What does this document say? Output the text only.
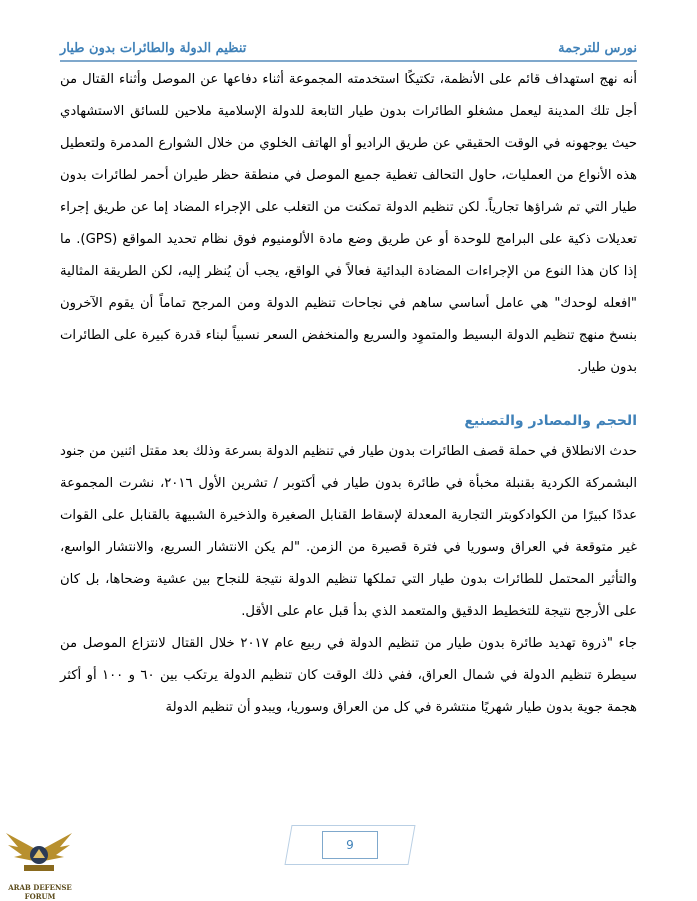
نورس للترجمة
تنظيم الدولة والطائرات بدون طيار

أنه نهج استهداف قائم على الأنظمة، تكتيكًا استخدمته المجموعة أثناء دفاعها عن الموصل وأثناء القتال من أجل تلك المدينة ليعمل مشغلو الطائرات بدون طيار التابعة للدولة الإسلامية ملاحين للسائق الاستشهادي حيث يوجهونه في الوقت الحقيقي عن طريق الراديو أو الهاتف الخلوي من خلال الشوارع المدمرة ولتعطيل هذه الأنواع من العمليات، حاول التحالف تغطية جميع الموصل في منطقة حظر طيران أحمر لطائرات بدون طيار التي تم شراؤها تجارياً. لكن تنظيم الدولة تمكنت من التغلب على الإجراء المضاد إما عن طريق إجراء تعديلات ذكية على البرامج للوحدة أو عن طريق وضع مادة الألومنيوم فوق نظام تحديد المواقع (GPS). ما إذا كان هذا النوع من الإجراءات المضادة البدائية فعالاً في الواقع، يجب أن يُنظر إليه، لكن الطريقة المثالية "افعله لوحدك" هي عامل أساسي ساهم في نجاحات تنظيم الدولة ومن المرجح تماماً أن يقوم الآخرون بنسخ منهج تنظيم الدولة البسيط والمتموِد والسريع والمنخفض السعر نسبياً لبناء قدرة كبيرة على الطائرات بدون طيار.

الحجم والمصادر والتصنيع

حدث الانطلاق في حملة قصف الطائرات بدون طيار في تنظيم الدولة بسرعة وذلك بعد مقتل اثنين من جنود البشمركة الكردية بقنبلة مخبأة في طائرة بدون طيار في أكتوبر / تشرين الأول ٢٠١٦، نشرت المجموعة عددًا كبيرًا من الكوادكوبتر التجارية المعدلة لإسقاط القنابل الصغيرة والذخيرة الشبيهة بالقنابل على القوات غير متوقعة في العراق وسوريا في فترة قصيرة من الزمن. "لم يكن الانتشار السريع، والانتشار الواسع، والتأثير المحتمل للطائرات بدون طيار التي تملكها تنظيم الدولة نتيجة للنجاح بين عشية وضحاها، بل كان على الأرجح نتيجة للتخطيط الدقيق والمتعمد الذي بدأ قبل عام على الأقل.

جاء "ذروة تهديد طائرة بدون طيار من تنظيم الدولة في ربيع عام ٢٠١٧ خلال القتال لانتزاع الموصل من سيطرة تنظيم الدولة في شمال العراق، ففي ذلك الوقت كان تنظيم الدولة يرتكب بين ٦٠ و ١٠٠ أو أكثر هجمة جوية بدون طيار شهريًا منتشرة في كل من العراق وسوريا، ويبدو أن تنظيم الدولة

ARAB DEFENSE FORUM
9
